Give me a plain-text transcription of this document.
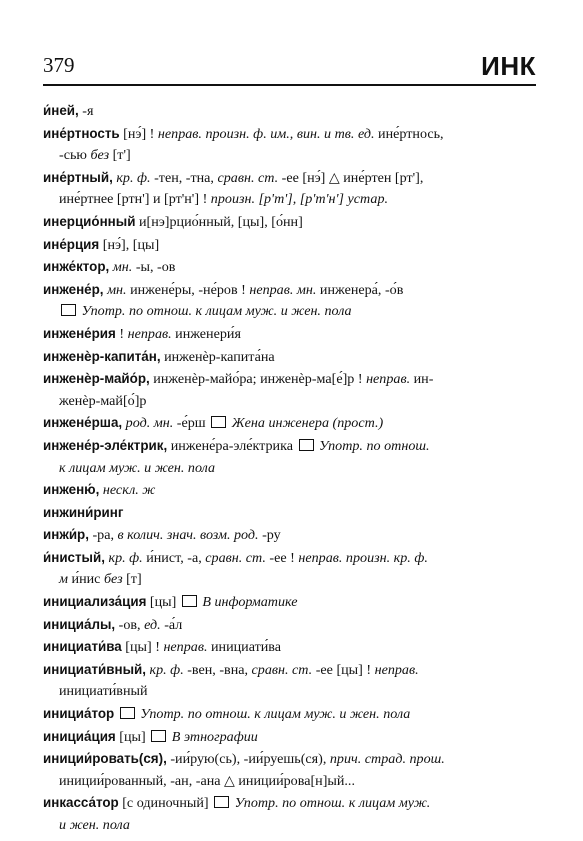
379	ИНК
и́ней, -я
ине́ртность [нэ́] ! неправ. произн. ф. им., вин. и тв. ед. ине́ртнось,
-сью без [т']
ине́ртный, кр. ф. -тен, -тна, сравн. ст. -ее [нэ́] △ ине́ртен [рт'],
ине́ртнее [ртн'] и [рт'н'] ! произн. [р'т'], [р'т'н'] устар.
инерцио́нный и[нэ]рцио́нный, [цы], [о́нн]
ине́рция [нэ́], [цы]
инже́ктор, мн. -ы, -ов
инжене́р, мн. инжене́ры, -не́ров ! неправ. мн. инженера́, -о́в
Употр. по отнош. к лицам муж. и жен. пола
инжене́рия ! неправ. инженери́я
инженѐр-капита́н, инженѐр-капита́на
инженѐр-майо́р, инженѐр-майо́ра; инженѐр-ма[е́]р ! неправ. ин-
женѐр-май[о́]р
инжене́рша, род. мн. -е́рш  Жена инженера (прост.)
инжене́р-эле́ктрик, инжене́ра-эле́ктрика  Употр. по отнош.
к лицам муж. и жен. пола
инженю́, нескл. ж
инжини́ринг
инжи́р, -ра, в колич. знач. возм. род. -ру
и́нистый, кр. ф. и́нист, -а, сравн. ст. -ее ! неправ. произн. кр. ф.
м и́нис без [т]
инициализа́ция [цы]  В информатике
инициа́лы, -ов, ед. -а́л
инициати́ва [цы] ! неправ. инициати́ва
инициати́вный, кр. ф. -вен, -вна, сравн. ст. -ее [цы] ! неправ.
инициати́вный
инициа́тор  Употр. по отнош. к лицам муж. и жен. пола
инициа́ция [цы]  В этнографии
иниции́ровать(ся), -ии́рую(сь), -ии́руешь(ся), прич. страд. прош.
иниции́рованный, -ан, -ана △ иниции́рова[н]ый...
инкасса́тор [с одиночный]  Употр. по отнош. к лицам муж.
и жен. пола
